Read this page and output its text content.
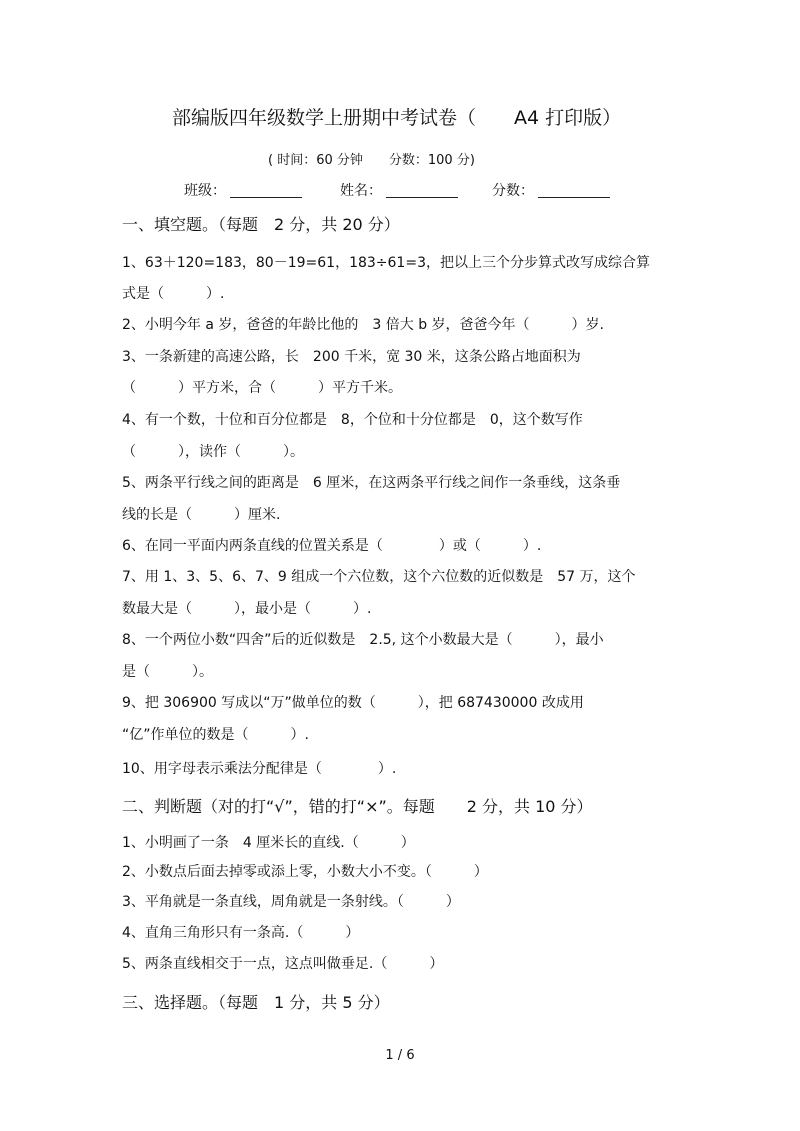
部编版四年级数学上册期中考试卷（　　A4 打印版）
( 时间：60 分钟　　分数：100 分)
班级：	姓名：	分数：
一、填空题。（每题　2 分，共 20 分）
1、63＋120=183，80－19=61，183÷61=3，把以上三个分步算式改写成综合算
式是（　　　）.
2、小明今年 a 岁，爸爸的年龄比他的　3 倍大 b 岁，爸爸今年（　　　）岁.
3、一条新建的高速公路，长　200 千米，宽 30 米，这条公路占地面积为
（　　　）平方米，合（　　　）平方千米。
4、有一个数，十位和百分位都是　8，个位和十分位都是　0，这个数写作
（　　　），读作（　　　）。
5、两条平行线之间的距离是　6 厘米，在这两条平行线之间作一条垂线，这条垂
线的长是（　　　）厘米.
6、在同一平面内两条直线的位置关系是（　　　　）或（　　　）.
7、用 1、3、5、6、7、9 组成一个六位数，这个六位数的近似数是　57 万，这个
数最大是（　　　），最小是（　　　）.
8、一个两位小数“四舍”后的近似数是　2.5, 这个小数最大是（　　　），最小
是（　　　）。
9、把 306900 写成以“万”做单位的数（　　　），把 687430000 改成用
“亿”作单位的数是（　　　）.
10、用字母表示乘法分配律是（　　　　）.
二、判断题（对的打“√”，错的打“×”。每题　　2 分，共 10 分）
1、小明画了一条　4 厘米长的直线.（　　　）
2、小数点后面去掉零或添上零，小数大小不变。（　　　）
3、平角就是一条直线，周角就是一条射线。（　　　）
4、直角三角形只有一条高.（　　　）
5、两条直线相交于一点，这点叫做垂足.（　　　）
三、选择题。（每题　1 分，共 5 分）
1 / 6
